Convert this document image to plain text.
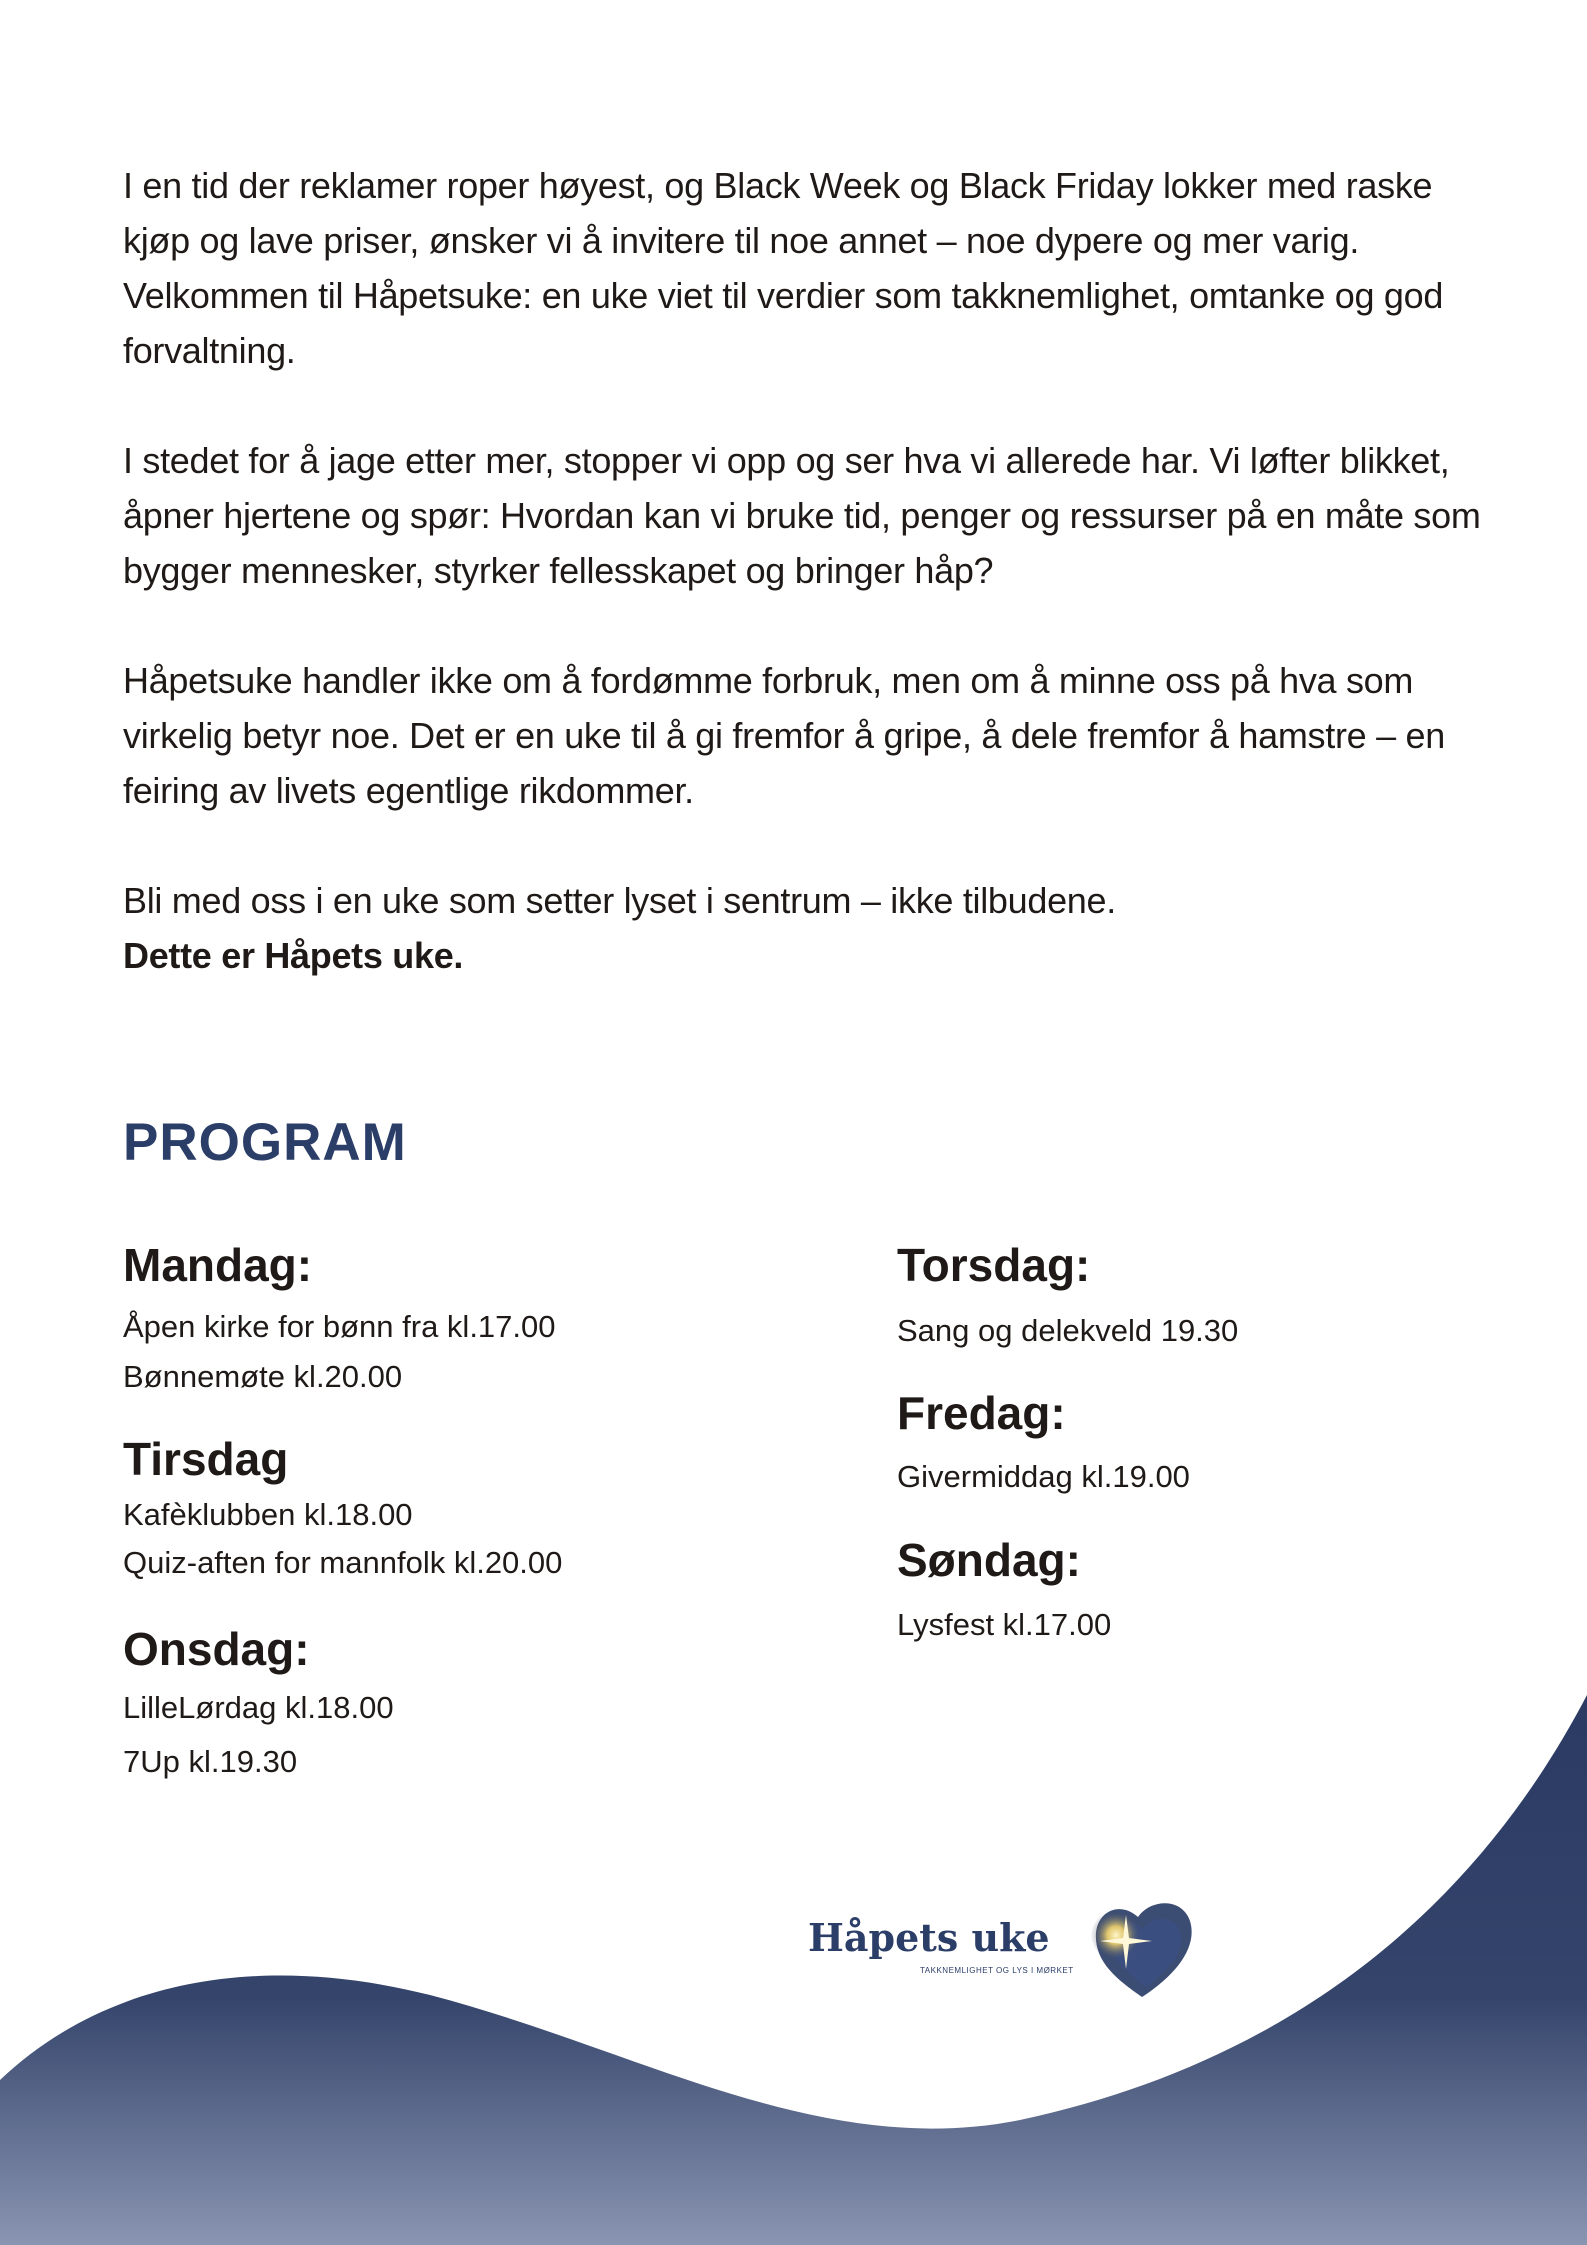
I en tid der reklamer roper høyest, og Black Week og Black Friday lokker med raske kjøp og lave priser, ønsker vi å invitere til noe annet – noe dypere og mer varig. Velkommen til Håpetsuke: en uke viet til verdier som takknemlighet, omtanke og god forvaltning.

I stedet for å jage etter mer, stopper vi opp og ser hva vi allerede har. Vi løfter blikket, åpner hjertene og spør: Hvordan kan vi bruke tid, penger og ressurser på en måte som bygger mennesker, styrker fellesskapet og bringer håp?

Håpetsuke handler ikke om å fordømme forbruk, men om å minne oss på hva som virkelig betyr noe. Det er en uke til å gi fremfor å gripe, å dele fremfor å hamstre – en feiring av livets egentlige rikdommer.

Bli med oss i en uke som setter lyset i sentrum – ikke tilbudene.
Dette er Håpets uke.

PROGRAM
Mandag:

Åpen kirke for bønn fra kl.17.00

Bønnemøte kl.20.00

Tirsdag

Kafèklubben kl.18.00

Quiz-aften for mannfolk kl.20.00

Onsdag:

LilleLørdag kl.18.00

7Up kl.19.30

Torsdag:

Sang og delekveld 19.30

Fredag:

Givermiddag kl.19.00

Søndag:

Lysfest kl.17.00

Håpets uke
TAKKNEMLIGHET OG LYS I MØRKET
